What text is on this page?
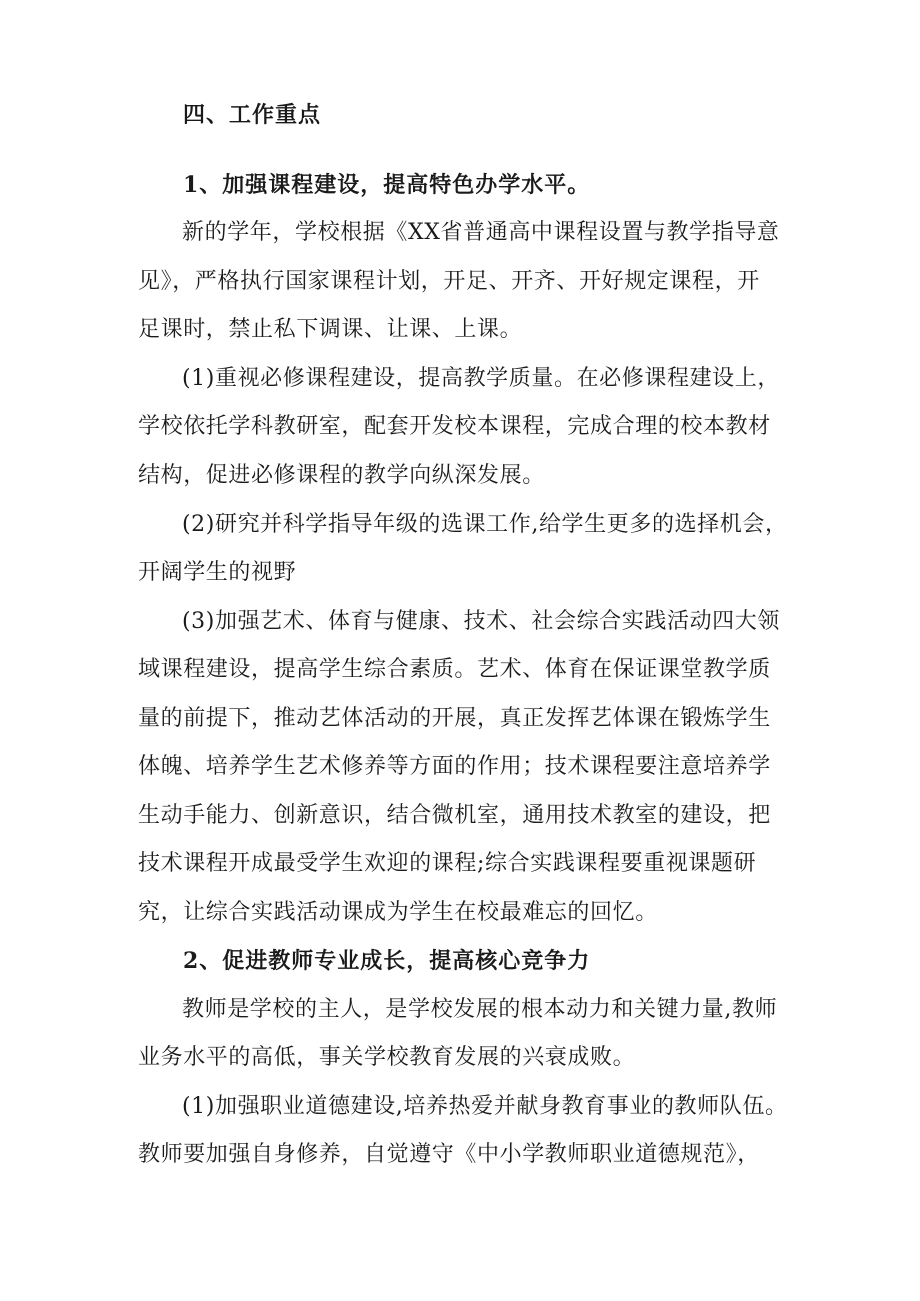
四、工作重点
1、加强课程建设，提高特色办学水平。
新的学年，学校根据《XX省普通高中课程设置与教学指导意
见》，严格执行国家课程计划，开足、开齐、开好规定课程，开
足课时，禁止私下调课、让课、上课。
(1)重视必修课程建设，提高教学质量。在必修课程建设上，
学校依托学科教研室，配套开发校本课程，完成合理的校本教材
结构，促进必修课程的教学向纵深发展。
(2)研究并科学指导年级的选课工作,给学生更多的选择机会，
开阔学生的视野
(3)加强艺术、体育与健康、技术、社会综合实践活动四大领
域课程建设，提高学生综合素质。艺术、体育在保证课堂教学质
量的前提下，推动艺体活动的开展，真正发挥艺体课在锻炼学生
体魄、培养学生艺术修养等方面的作用；技术课程要注意培养学
生动手能力、创新意识，结合微机室，通用技术教室的建设，把
技术课程开成最受学生欢迎的课程;综合实践课程要重视课题研
究，让综合实践活动课成为学生在校最难忘的回忆。
2、促进教师专业成长，提高核心竞争力
教师是学校的主人，是学校发展的根本动力和关键力量,教师
业务水平的高低，事关学校教育发展的兴衰成败。
(1)加强职业道德建设,培养热爱并献身教育事业的教师队伍。
教师要加强自身修养，自觉遵守《中小学教师职业道德规范》，
